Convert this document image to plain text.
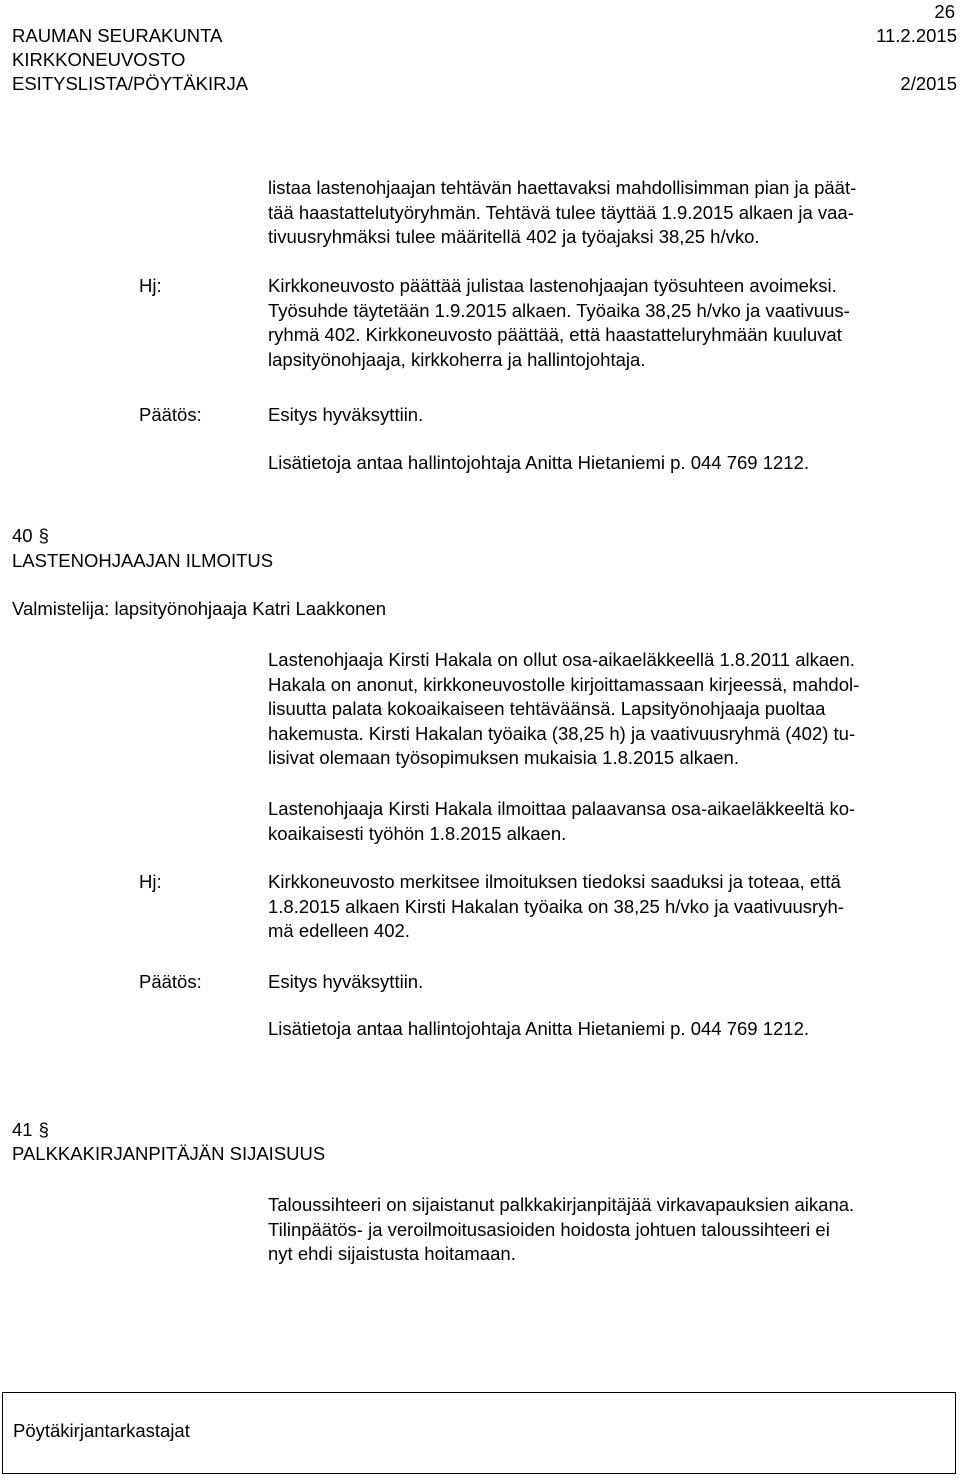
26
RAUMAN SEURAKUNTA	11.2.2015
KIRKKONEUVOSTO
ESITYSLISTA/PÖYTÄKIRJA	2/2015
listaa lastenohjaajan tehtävän haettavaksi mahdollisimman pian ja päät-
tää haastattelutyöryhmän. Tehtävä tulee täyttää 1.9.2015 alkaen ja vaa-
tivuusryhmäksi tulee määritellä 402 ja työajaksi 38,25 h/vko.
Hj:	Kirkkoneuvosto päättää julistaa lastenohjaajan työsuhteen avoimeksi.
Työsuhde täytetään 1.9.2015 alkaen. Työaika 38,25 h/vko ja vaativuus-
ryhmä 402. Kirkkoneuvosto päättää, että haastatteluryhmään kuuluvat
lapsityönohjaaja, kirkkoherra ja hallintojohtaja.
Päätös:	Esitys hyväksyttiin.
Lisätietoja antaa hallintojohtaja Anitta Hietaniemi p. 044 769 1212.
40 §
LASTENOHJAAJAN ILMOITUS
Valmistelija: lapsityönohjaaja Katri Laakkonen
Lastenohjaaja Kirsti Hakala on ollut osa-aikaeläkkeellä 1.8.2011 alkaen.
Hakala on anonut, kirkkoneuvostolle kirjoittamassaan kirjeessä, mahdol-
lisuutta palata kokoaikaiseen tehtäväänsä. Lapsityönohjaaja puoltaa
hakemusta. Kirsti Hakalan työaika (38,25 h) ja vaativuusryhmä (402) tu-
lisivat olemaan työsopimuksen mukaisia 1.8.2015 alkaen.
Lastenohjaaja Kirsti Hakala ilmoittaa palaavansa osa-aikaeläkkeeltä ko-
koaikaisesti työhön 1.8.2015 alkaen.
Hj:	Kirkkoneuvosto merkitsee ilmoituksen tiedoksi saaduksi ja toteaa, että
1.8.2015 alkaen Kirsti Hakalan työaika on 38,25 h/vko ja vaativuusryh-
mä edelleen 402.
Päätös:	Esitys hyväksyttiin.
Lisätietoja antaa hallintojohtaja Anitta Hietaniemi p. 044 769 1212.
41 §
PALKKAKIRJANPITÄJÄN SIJAISUUS
Taloussihteeri on sijaistanut palkkakirjanpitäjää virkavapauksien aikana.
Tilinpäätös- ja veroilmoitusasioiden hoidosta johtuen taloussihteeri ei
nyt ehdi sijaistusta hoitamaan.
Pöytäkirjantarkastajat
